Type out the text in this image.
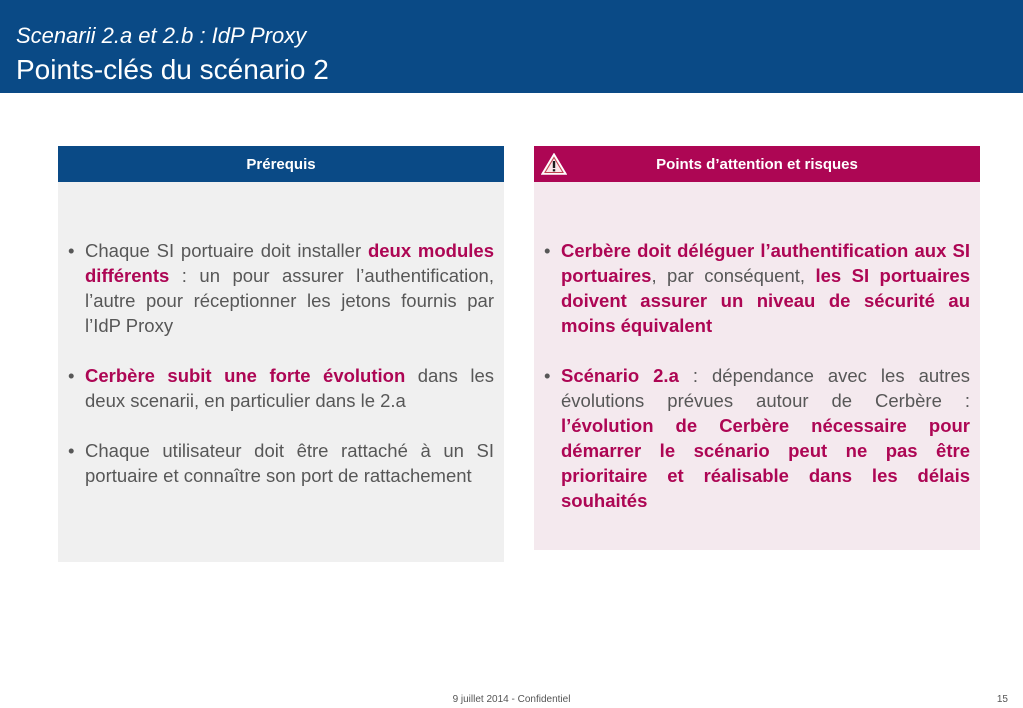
Scenarii 2.a et 2.b : IdP Proxy
Points-clés du scénario 2
Prérequis
• Chaque SI portuaire doit installer deux modules différents : un pour assurer l’authentification, l’autre pour réceptionner les jetons fournis par l’IdP Proxy
• Cerbère subit une forte évolution dans les deux scenarii, en particulier dans le 2.a
• Chaque utilisateur doit être rattaché à un SI portuaire et connaître son port de rattachement
Points d’attention et risques
• Cerbère doit déléguer l’authentification aux SI portuaires, par conséquent, les SI portuaires doivent assurer un niveau de sécurité au moins équivalent
• Scénario 2.a : dépendance avec les autres évolutions prévues autour de Cerbère : l’évolution de Cerbère nécessaire pour démarrer le scénario peut ne pas être prioritaire et réalisable dans les délais souhaités
9 juillet 2014 - Confidentiel	15
